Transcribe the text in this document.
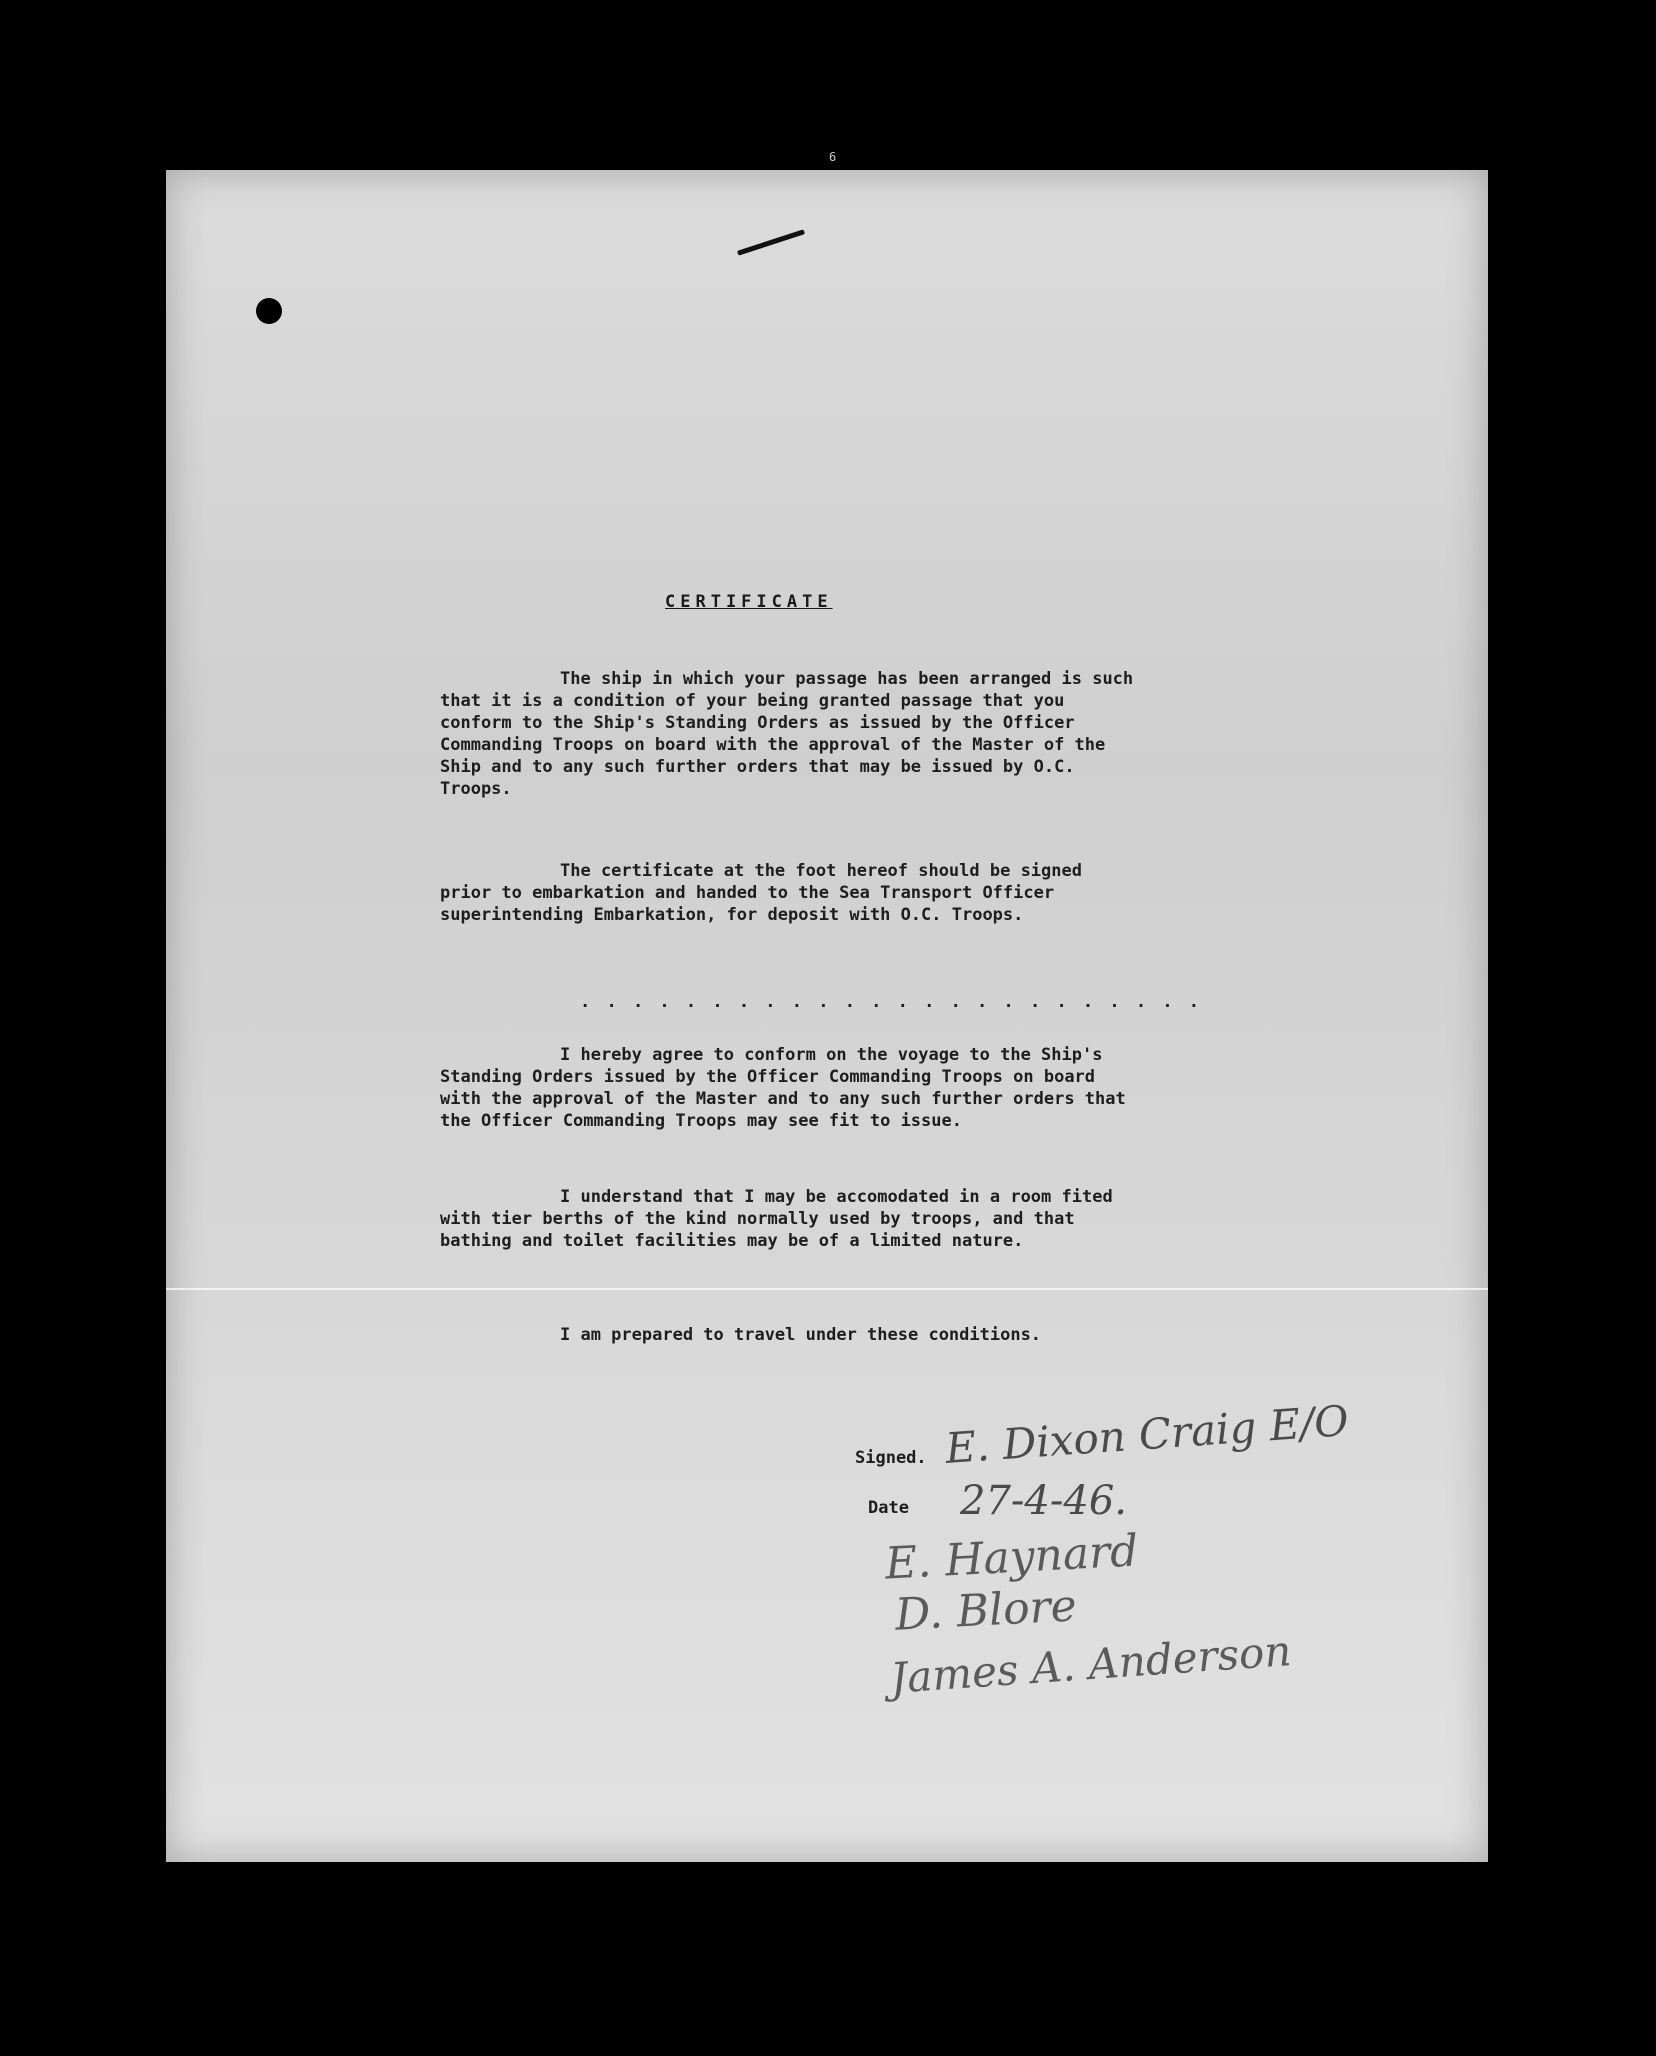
6
CERTIFICATE
The ship in which your passage has been arranged is such that it is a condition of your being granted passage that you conform to the Ship's Standing Orders as issued by the Officer Commanding Troops on board with the approval of the Master of the Ship and to any such further orders that may be issued by O.C. Troops.
The certificate at the foot hereof should be signed prior to embarkation and handed to the Sea Transport Officer superintending Embarkation, for deposit with O.C. Troops.
. . . . . . . . . . . . . . . . . . . . . . . .
I hereby agree to conform on the voyage to the Ship's Standing Orders issued by the Officer Commanding Troops on board with the approval of the Master and to any such further orders that the Officer Commanding Troops may see fit to issue.
I understand that I may be accomodated in a room fited with tier berths of the kind normally used by troops, and that bathing and toilet facilities may be of a limited nature.
I am prepared to travel under these conditions.
Signed. E. Dixon Craig E/O
Date 27-4-46.
E. Haynard
D. Blore
James A. Anderson
